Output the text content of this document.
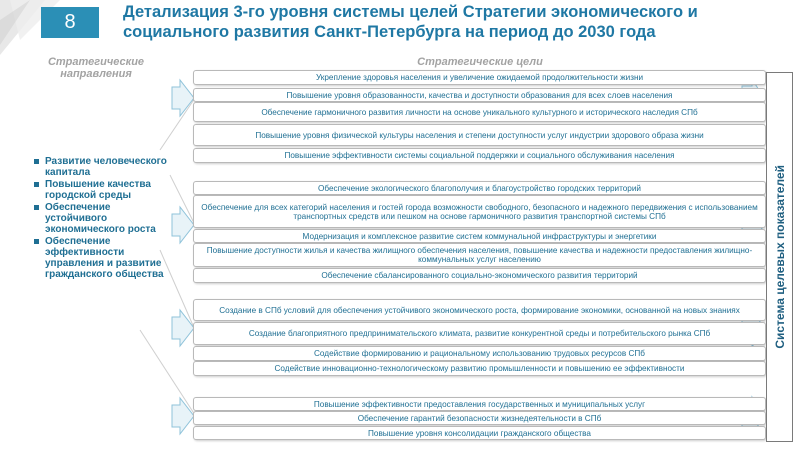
8	Детализация 3-го уровня системы целей Стратегии экономического и социального развития Санкт-Петербурга на период до 2030 года
Стратегические направления
Стратегические цели
Развитие человеческого капитала
Повышение качества городской среды
Обеспечение устойчивого экономического роста
Обеспечение эффективности управления и развитие гражданского общества
Укрепление здоровья населения и увеличение ожидаемой продолжительности жизни
Повышение уровня образованности, качества и доступности образования для всех слоев населения
Обеспечение гармоничного развития личности на основе уникального культурного и исторического наследия СПб
Повышение уровня физической культуры населения и степени доступности услуг индустрии здорового образа жизни
Повышение эффективности системы социальной поддержки и социального обслуживания населения
Обеспечение экологического благополучия и благоустройство городских территорий
Обеспечение для всех категорий населения и гостей города возможности свободного, безопасного и надежного передвижения с использованием транспортных средств или пешком на основе гармоничного развития транспортной системы СПб
Модернизация и комплексное развитие систем коммунальной инфраструктуры и энергетики
Повышение доступности жилья и качества жилищного обеспечения населения, повышение качества и надежности предоставления жилищно-коммунальных услуг населению
Обеспечение сбалансированного социально-экономического развития территорий
Создание в СПб условий для обеспечения устойчивого экономического роста, формирование экономики, основанной на новых знаниях
Создание благоприятного предпринимательского климата, развитие конкурентной среды и потребительского рынка СПб
Содействие формированию и рациональному использованию трудовых ресурсов СПб
Содействие инновационно-технологическому развитию промышленности и повышению ее эффективности
Повышение эффективности предоставления государственных и муниципальных услуг
Обеспечение гарантий безопасности жизнедеятельности в СПб
Повышение уровня консолидации гражданского общества
Система целевых показателей
